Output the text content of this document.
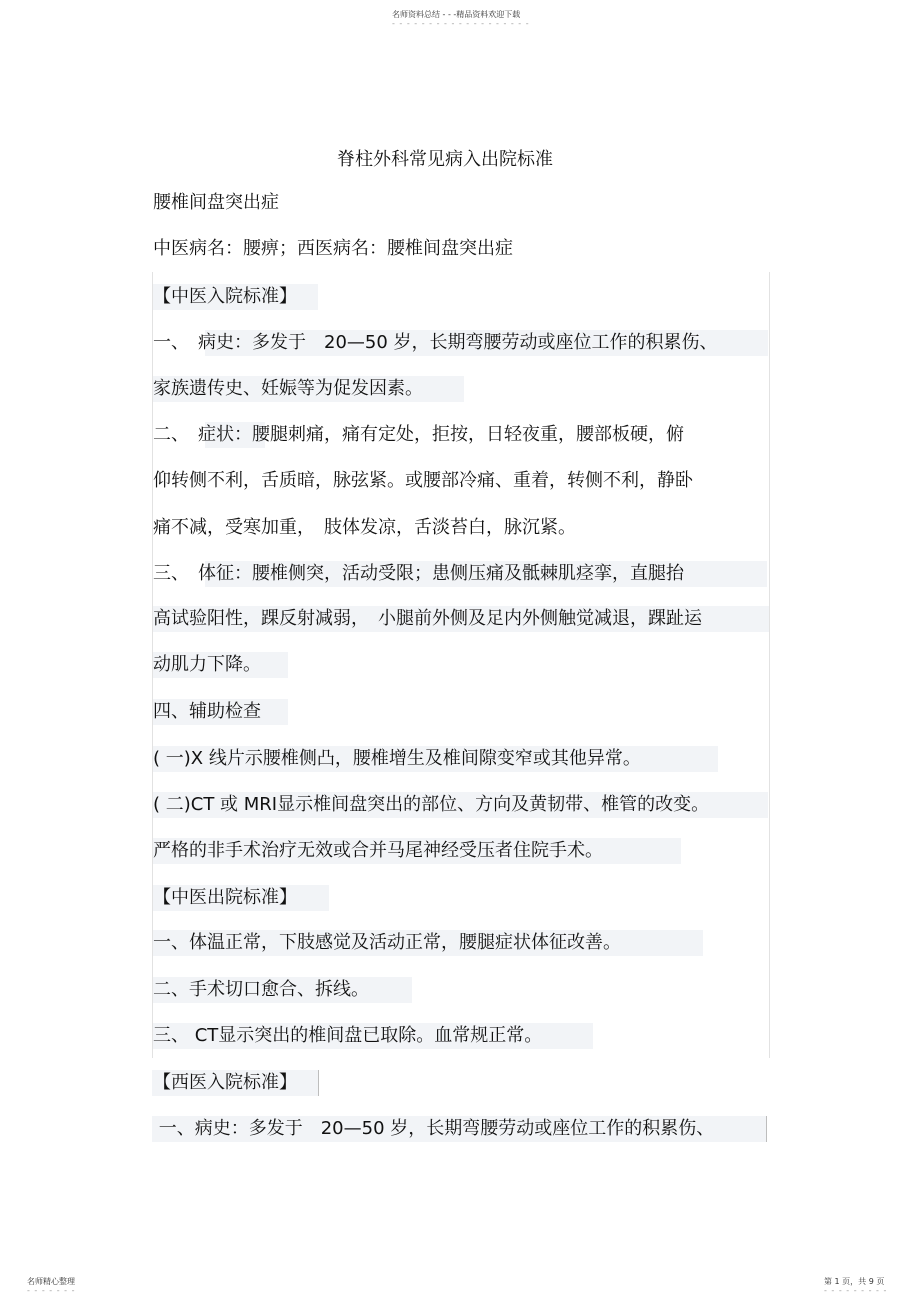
名师资料总结 - - -精品资料欢迎下载
- - - - - - - - - - - - - - - - - - -
脊柱外科常见病入出院标准
腰椎间盘突出症
中医病名：腰痹；西医病名：腰椎间盘突出症
【中医入院标准】
一、　病史：多发于　20—50 岁，长期弯腰劳动或座位工作的积累伤、
家族遗传史、妊娠等为促发因素。
二、　症状：腰腿刺痛，痛有定处，拒按，日轻夜重，腰部板硬，俯
仰转侧不利，舌质暗，脉弦紧。或腰部冷痛、重着，转侧不利，静卧
痛不减，受寒加重，　肢体发凉，舌淡苔白，脉沉紧。
三、　体征：腰椎侧突，活动受限；患侧压痛及骶棘肌痉挛，直腿抬
高试验阳性，踝反射减弱，　小腿前外侧及足内外侧触觉减退，踝趾运
动肌力下降。
四、辅助检查
( 一)X 线片示腰椎侧凸，腰椎增生及椎间隙变窄或其他异常。
( 二)CT 或 MRI显示椎间盘突出的部位、方向及黄韧带、椎管的改变。
严格的非手术治疗无效或合并马尾神经受压者住院手术。
【中医出院标准】
一、体温正常，下肢感觉及活动正常，腰腿症状体征改善。
二、手术切口愈合、拆线。
三、 CT显示突出的椎间盘已取除。血常规正常。
【西医入院标准】
一、病史：多发于　20—50 岁，长期弯腰劳动或座位工作的积累伤、
名师精心整理
- - - - - - -
第 1 页，共 9 页
- - - - - - - - -
